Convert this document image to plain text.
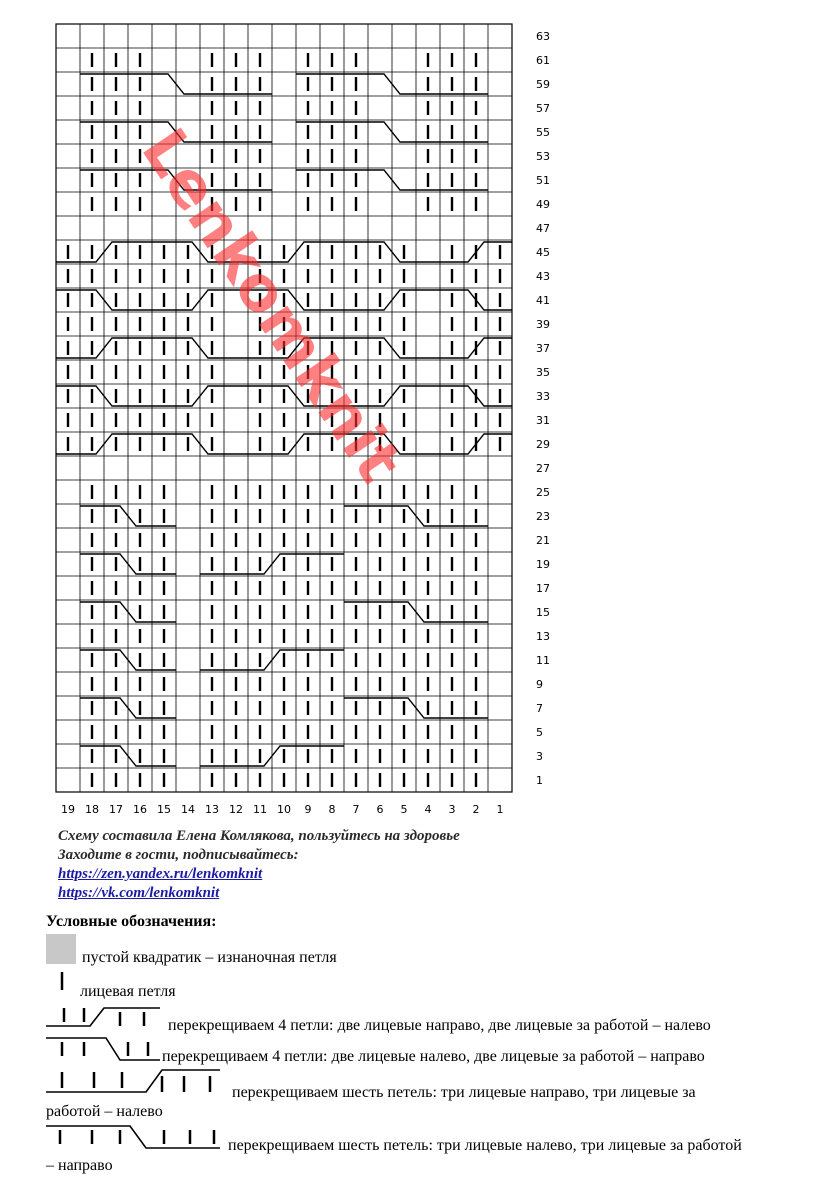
63
61
59
57
55
53
51
49
47
45
43
41
39
37
35
33
31
29
27
25
23
21
19
17
15
13
11
9
7
5
3
1
19 18 17 16 15 14 13 12 11 10 9 8 7 6 5 4 3 2 1
Lenkomknit
Схему составила Елена Комлякова, пользуйтесь на здоровье
Заходите в гости, подписывайтесь:
https://zen.yandex.ru/lenkomknit
https://vk.com/lenkomknit
Условные обозначения:
пустой квадратик – изнаночная петля
лицевая петля
перекрещиваем 4 петли: две лицевые направо, две лицевые за работой – налево
перекрещиваем 4 петли: две лицевые налево, две лицевые за работой – направо
перекрещиваем шесть петель: три лицевые направо, три лицевые за
работой – налево
перекрещиваем шесть петель: три лицевые налево, три лицевые за работой
– направо
